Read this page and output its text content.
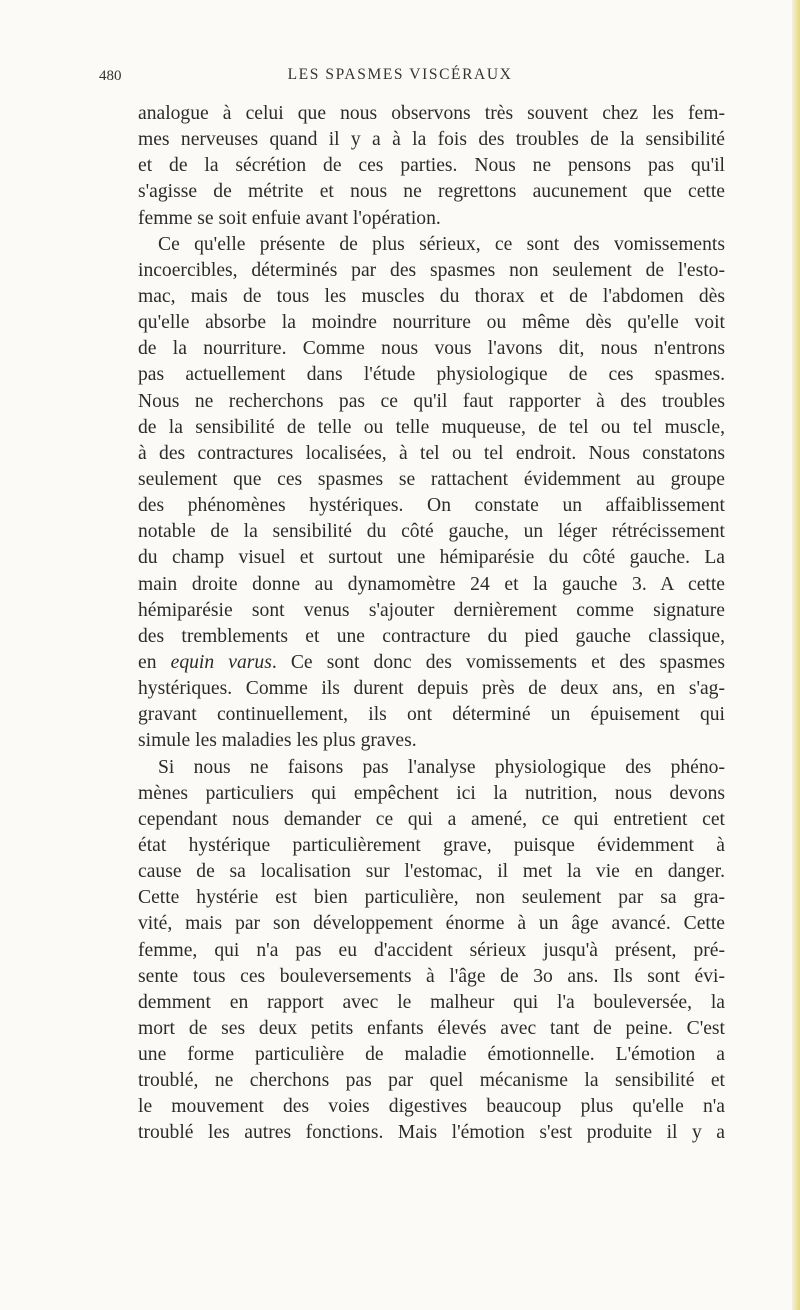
480	LES SPASMES VISCÉRAUX
analogue à celui que nous observons très souvent chez les fem-
mes nerveuses quand il y a à la fois des troubles de la sensibilité
et de la sécrétion de ces parties. Nous ne pensons pas qu'il
s'agisse de métrite et nous ne regrettons aucunement que cette
femme se soit enfuie avant l'opération.
Ce qu'elle présente de plus sérieux, ce sont des vomissements
incoercibles, déterminés par des spasmes non seulement de l'esto-
mac, mais de tous les muscles du thorax et de l'abdomen dès
qu'elle absorbe la moindre nourriture ou même dès qu'elle voit
de la nourriture. Comme nous vous l'avons dit, nous n'entrons
pas actuellement dans l'étude physiologique de ces spasmes.
Nous ne recherchons pas ce qu'il faut rapporter à des troubles
de la sensibilité de telle ou telle muqueuse, de tel ou tel muscle,
à des contractures localisées, à tel ou tel endroit. Nous constatons
seulement que ces spasmes se rattachent évidemment au groupe
des phénomènes hystériques. On constate un affaiblissement
notable de la sensibilité du côté gauche, un léger rétrécissement
du champ visuel et surtout une hémiparésie du côté gauche. La
main droite donne au dynamomètre 24 et la gauche 3. A cette
hémiparésie sont venus s'ajouter dernièrement comme signature
des tremblements et une contracture du pied gauche classique,
en equin varus. Ce sont donc des vomissements et des spasmes
hystériques. Comme ils durent depuis près de deux ans, en s'ag-
gravant continuellement, ils ont déterminé un épuisement qui
simule les maladies les plus graves.
Si nous ne faisons pas l'analyse physiologique des phéno-
mènes particuliers qui empêchent ici la nutrition, nous devons
cependant nous demander ce qui a amené, ce qui entretient cet
état hystérique particulièrement grave, puisque évidemment à
cause de sa localisation sur l'estomac, il met la vie en danger.
Cette hystérie est bien particulière, non seulement par sa gra-
vité, mais par son développement énorme à un âge avancé. Cette
femme, qui n'a pas eu d'accident sérieux jusqu'à présent, pré-
sente tous ces bouleversements à l'âge de 3o ans. Ils sont évi-
demment en rapport avec le malheur qui l'a bouleversée, la
mort de ses deux petits enfants élevés avec tant de peine. C'est
une forme particulière de maladie émotionnelle. L'émotion a
troublé, ne cherchons pas par quel mécanisme la sensibilité et
le mouvement des voies digestives beaucoup plus qu'elle n'a
troublé les autres fonctions. Mais l'émotion s'est produite il y a
